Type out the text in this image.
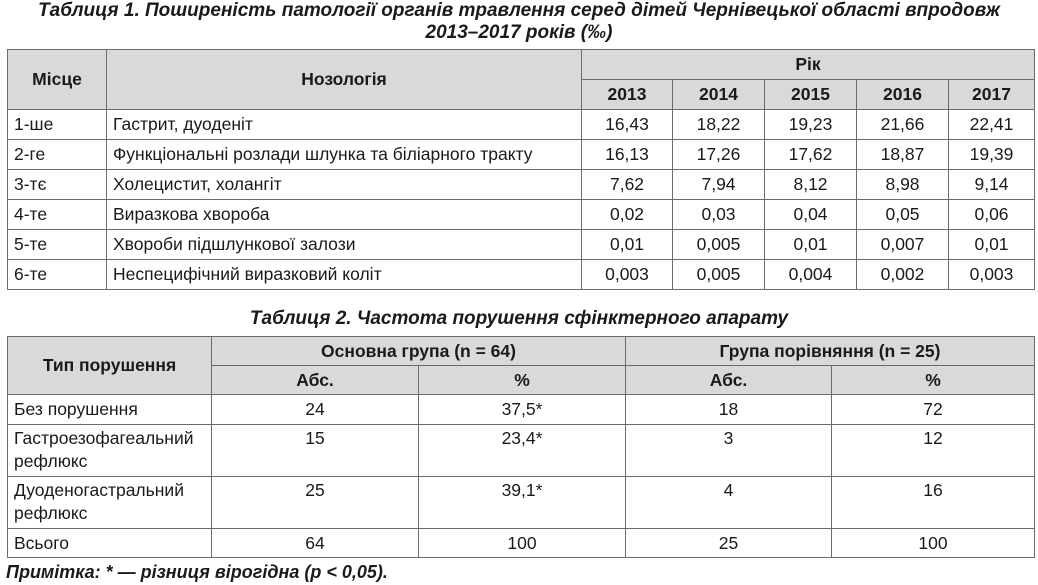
Таблиця 1. Поширеність патології органів травлення серед дітей Чернівецької області впродовж
2013–2017 років (‰)
Місце	Нозологія	Рік				
		2013	2014	2015	2016	2017
1-ше	Гастрит, дуоденіт	16,43	18,22	19,23	21,66	22,41
2-ге	Функціональні розлади шлунка та біліарного тракту	16,13	17,26	17,62	18,87	19,39
3-тє	Холецистит, холангіт	7,62	7,94	8,12	8,98	9,14
4-те	Виразкова хвороба	0,02	0,03	0,04	0,05	0,06
5-те	Хвороби підшлункової залози	0,01	0,005	0,01	0,007	0,01
6-те	Неспецифічний виразковий коліт	0,003	0,005	0,004	0,002	0,003
Таблиця 2. Частота порушення сфінктерного апарату
Тип порушення	Основна група (n = 64)		Група порівняння (n = 25)	
	Абс.	%	Абс.	%
Без порушення	24	37,5*	18	72
Гастроезофагеальний рефлюкс	15	23,4*	3	12
Дуоденогастральний рефлюкс	25	39,1*	4	16
Всього	64	100	25	100
Примітка: * — різниця вірогідна (p < 0,05).
